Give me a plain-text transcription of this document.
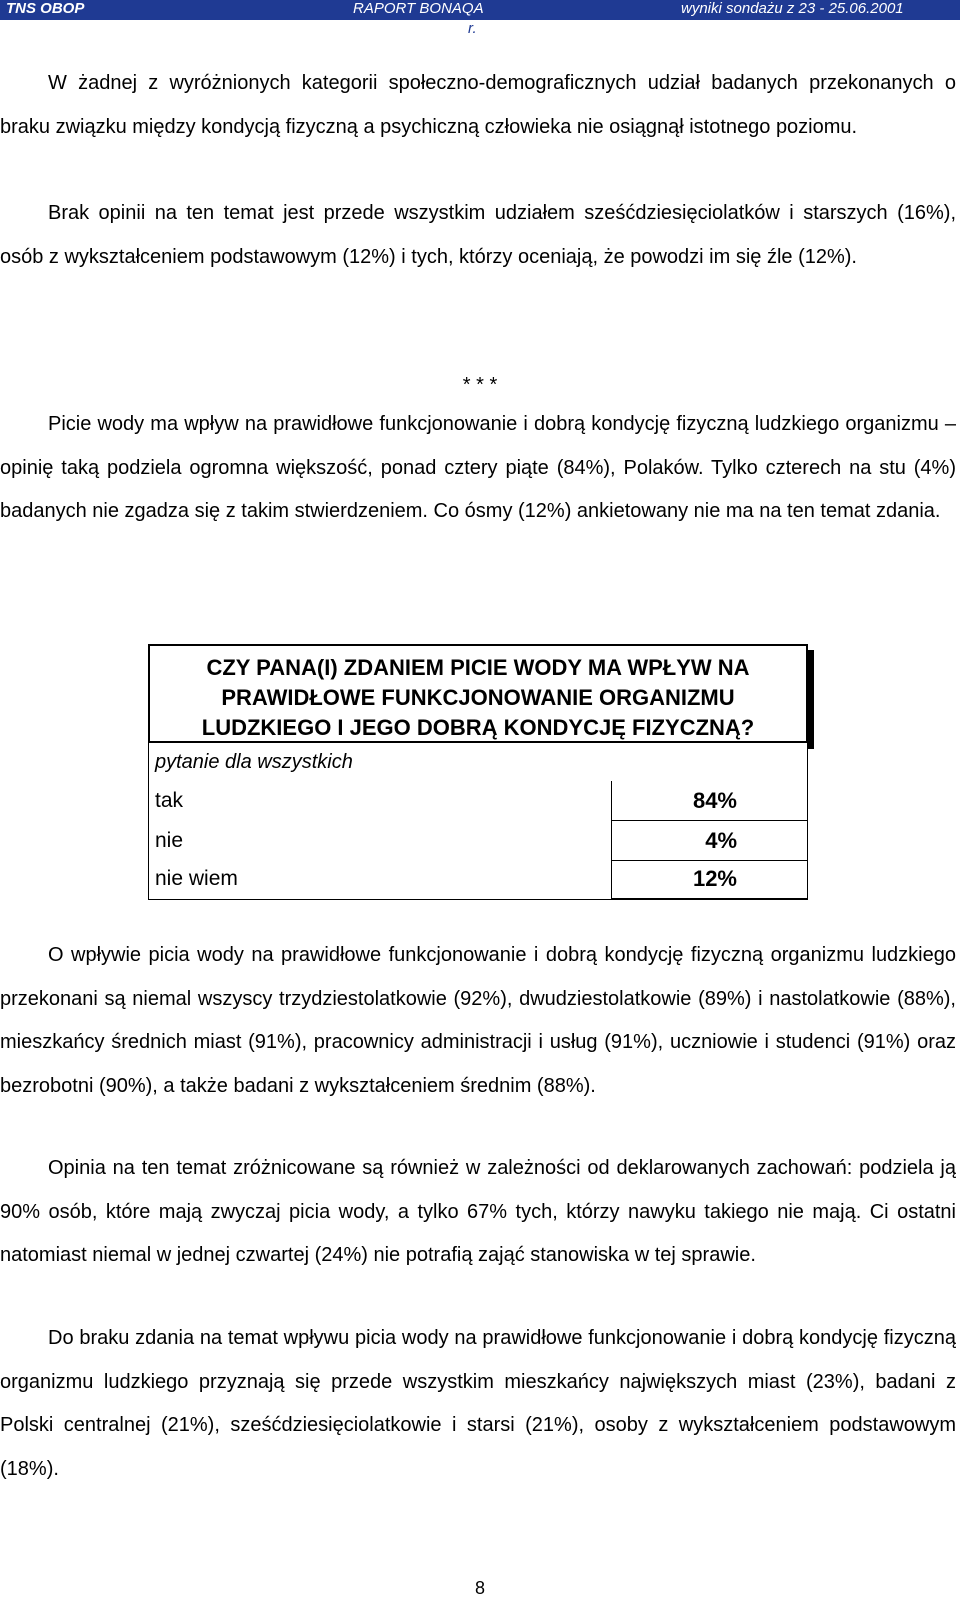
TNS OBOP	RAPORT BONAQA	wyniki sondażu z 23 - 25.06.2001
r.

W żadnej z wyróżnionych kategorii społeczno-demograficznych udział badanych przekonanych o braku związku między kondycją fizyczną a psychiczną człowieka nie osiągnął istotnego poziomu.

Brak opinii na ten temat jest przede wszystkim udziałem sześćdziesięciolatków i starszych (16%), osób z wykształceniem podstawowym (12%) i tych, którzy oceniają, że powodzi im się źle (12%).

* * *

Picie wody ma wpływ na prawidłowe funkcjonowanie i dobrą kondycję fizyczną ludzkiego organizmu – opinię taką podziela ogromna większość, ponad cztery piąte (84%), Polaków. Tylko czterech na stu (4%) badanych nie zgadza się z takim stwierdzeniem. Co ósmy (12%) ankietowany nie ma na ten temat zdania.

CZY PANA(I) ZDANIEM PICIE WODY MA WPŁYW NA
PRAWIDŁOWE FUNKCJONOWANIE ORGANIZMU
LUDZKIEGO I JEGO DOBRĄ KONDYCJĘ FIZYCZNĄ?
pytanie dla wszystkich
tak	84%
nie	4%
nie wiem	12%

O wpływie picia wody na prawidłowe funkcjonowanie i dobrą kondycję fizyczną organizmu ludzkiego przekonani są niemal wszyscy trzydziestolatkowie (92%), dwudziestolatkowie (89%) i nastolatkowie (88%), mieszkańcy średnich miast (91%), pracownicy administracji i usług (91%), uczniowie i studenci (91%) oraz bezrobotni (90%), a także badani z wykształceniem średnim (88%).

Opinia na ten temat zróżnicowane są również w zależności od deklarowanych zachowań: podziela ją 90% osób, które mają zwyczaj picia wody, a tylko 67% tych, którzy nawyku takiego nie mają. Ci ostatni natomiast niemal w jednej czwartej (24%) nie potrafią zająć stanowiska w tej sprawie.

Do braku zdania na temat wpływu picia wody na prawidłowe funkcjonowanie i dobrą kondycję fizyczną organizmu ludzkiego przyznają się przede wszystkim mieszkańcy największych miast (23%), badani z Polski centralnej (21%), sześćdziesięciolatkowie i starsi (21%), osoby z wykształceniem podstawowym (18%).

8
